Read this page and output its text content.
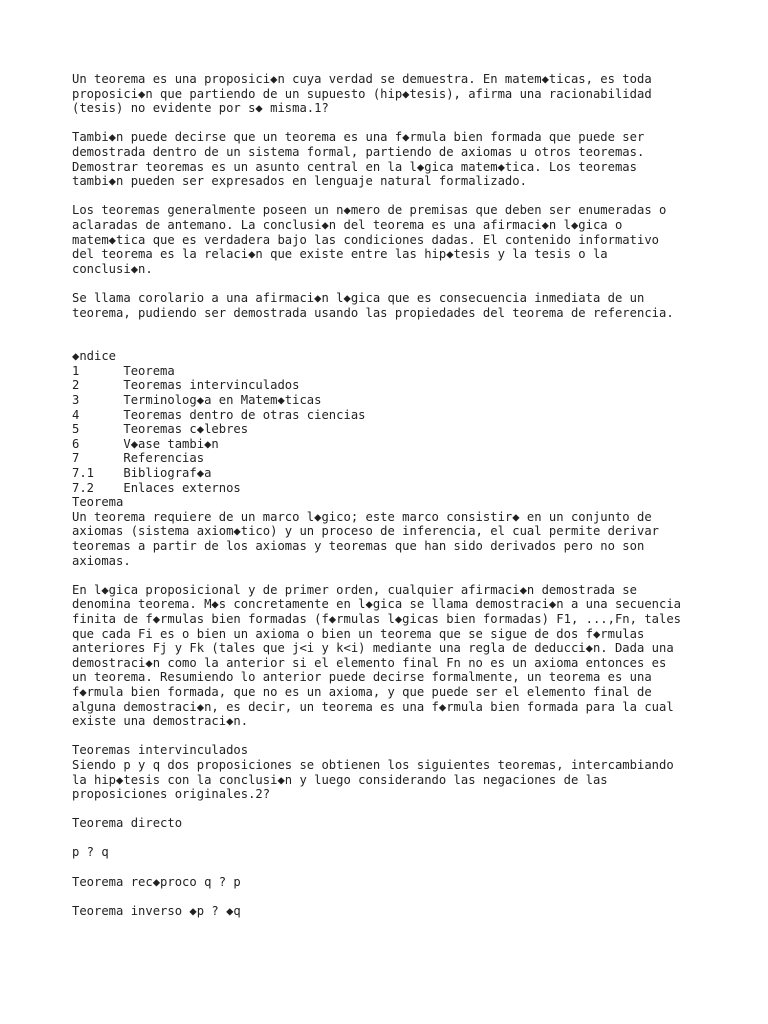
Un teorema es una proposici◆n cuya verdad se demuestra. En matem◆ticas, es toda
proposici◆n que partiendo de un supuesto (hip◆tesis), afirma una racionabilidad
(tesis) no evidente por s◆ misma.1?
Tambi◆n puede decirse que un teorema es una f◆rmula bien formada que puede ser
demostrada dentro de un sistema formal, partiendo de axiomas u otros teoremas.
Demostrar teoremas es un asunto central en la l◆gica matem◆tica. Los teoremas
tambi◆n pueden ser expresados en lenguaje natural formalizado.
Los teoremas generalmente poseen un n◆mero de premisas que deben ser enumeradas o
aclaradas de antemano. La conclusi◆n del teorema es una afirmaci◆n l◆gica o
matem◆tica que es verdadera bajo las condiciones dadas. El contenido informativo
del teorema es la relaci◆n que existe entre las hip◆tesis y la tesis o la
conclusi◆n.
Se llama corolario a una afirmaci◆n l◆gica que es consecuencia inmediata de un
teorema, pudiendo ser demostrada usando las propiedades del teorema de referencia.
◆ndice
1      Teorema
2      Teoremas intervinculados
3      Terminolog◆a en Matem◆ticas
4      Teoremas dentro de otras ciencias
5      Teoremas c◆lebres
6      V◆ase tambi◆n
7      Referencias
7.1    Bibliograf◆a
7.2    Enlaces externos
Teorema
Un teorema requiere de un marco l◆gico; este marco consistir◆ en un conjunto de
axiomas (sistema axiom◆tico) y un proceso de inferencia, el cual permite derivar
teoremas a partir de los axiomas y teoremas que han sido derivados pero no son
axiomas.
En l◆gica proposicional y de primer orden, cualquier afirmaci◆n demostrada se
denomina teorema. M◆s concretamente en l◆gica se llama demostraci◆n a una secuencia
finita de f◆rmulas bien formadas (f◆rmulas l◆gicas bien formadas) F1, ...,Fn, tales
que cada Fi es o bien un axioma o bien un teorema que se sigue de dos f◆rmulas
anteriores Fj y Fk (tales que j<i y k<i) mediante una regla de deducci◆n. Dada una
demostraci◆n como la anterior si el elemento final Fn no es un axioma entonces es
un teorema. Resumiendo lo anterior puede decirse formalmente, un teorema es una
f◆rmula bien formada, que no es un axioma, y que puede ser el elemento final de
alguna demostraci◆n, es decir, un teorema es una f◆rmula bien formada para la cual
existe una demostraci◆n.
Teoremas intervinculados
Siendo p y q dos proposiciones se obtienen los siguientes teoremas, intercambiando
la hip◆tesis con la conclusi◆n y luego considerando las negaciones de las
proposiciones originales.2?
Teorema directo
p ? q
Teorema rec◆proco q ? p
Teorema inverso ◆p ? ◆q
